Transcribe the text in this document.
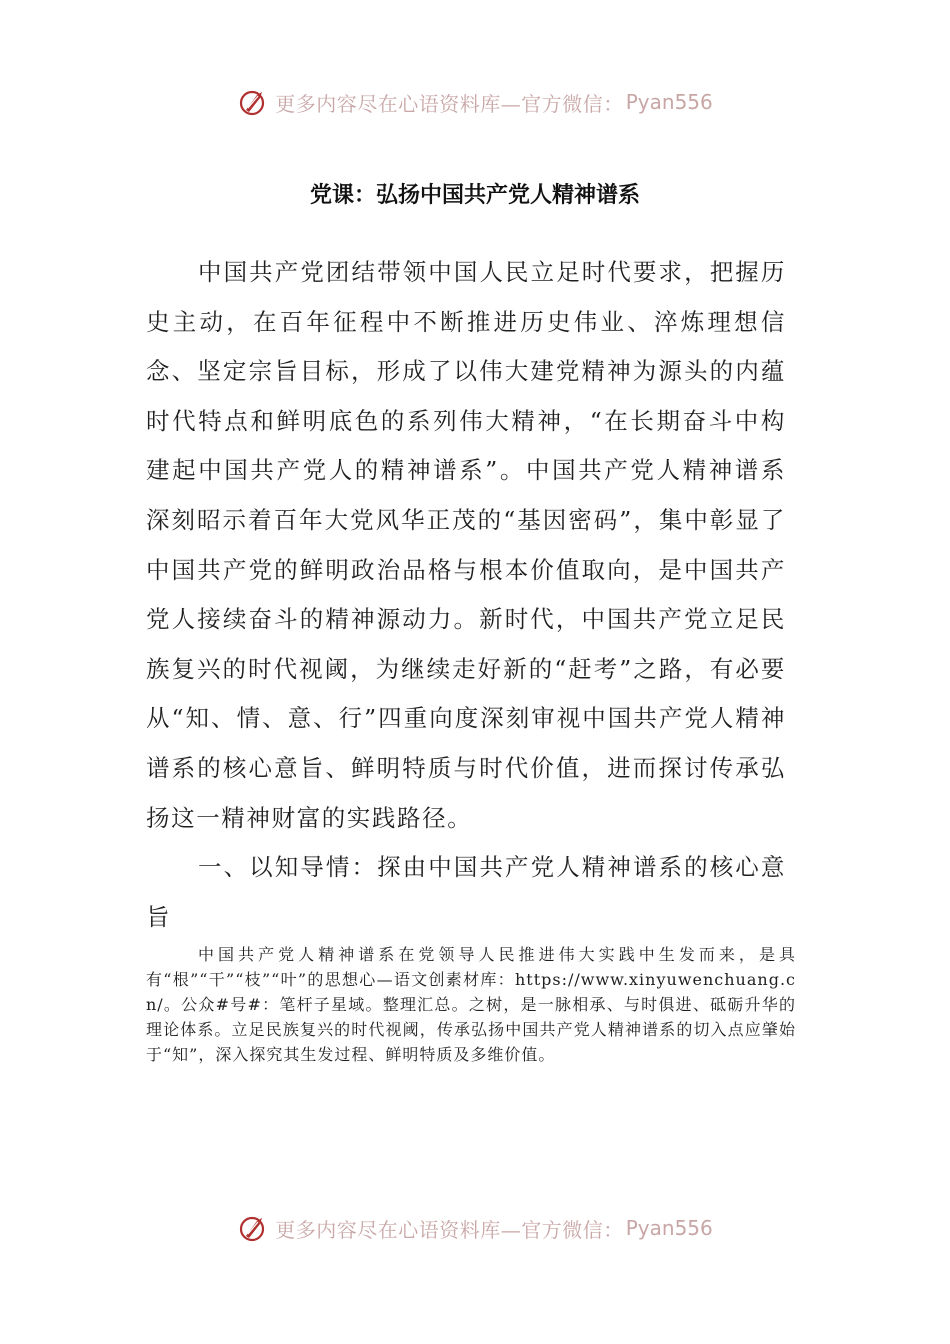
更多内容尽在心语资料库—官方微信： Pyan556
党课：弘扬中国共产党人精神谱系
中国共产党团结带领中国人民立足时代要求，把握历史主动，在百年征程中不断推进历史伟业、淬炼理想信念、坚定宗旨目标，形成了以伟大建党精神为源头的内蕴时代特点和鲜明底色的系列伟大精神，“在长期奋斗中构建起中国共产党人的精神谱系”。中国共产党人精神谱系深刻昭示着百年大党风华正茂的“基因密码”，集中彰显了中国共产党的鲜明政治品格与根本价值取向，是中国共产党人接续奋斗的精神源动力。新时代，中国共产党立足民族复兴的时代视阈，为继续走好新的“赶考”之路，有必要从“知、情、意、行”四重向度深刻审视中国共产党人精神谱系的核心意旨、鲜明特质与时代价值，进而探讨传承弘扬这一精神财富的实践路径。
一、以知导情：探由中国共产党人精神谱系的核心意旨
中国共产党人精神谱系在党领导人民推进伟大实践中生发而来，是具有“根”“干”“枝”“叶”的思想心—语文创素材库：https://www.xinyuwenchuang.cn/。公众#号#：笔杆子星域。整理汇总。之树，是一脉相承、与时俱进、砥砺升华的理论体系。立足民族复兴的时代视阈，传承弘扬中国共产党人精神谱系的切入点应肇始于“知”，深入探究其生发过程、鲜明特质及多维价值。
更多内容尽在心语资料库—官方微信： Pyan556
